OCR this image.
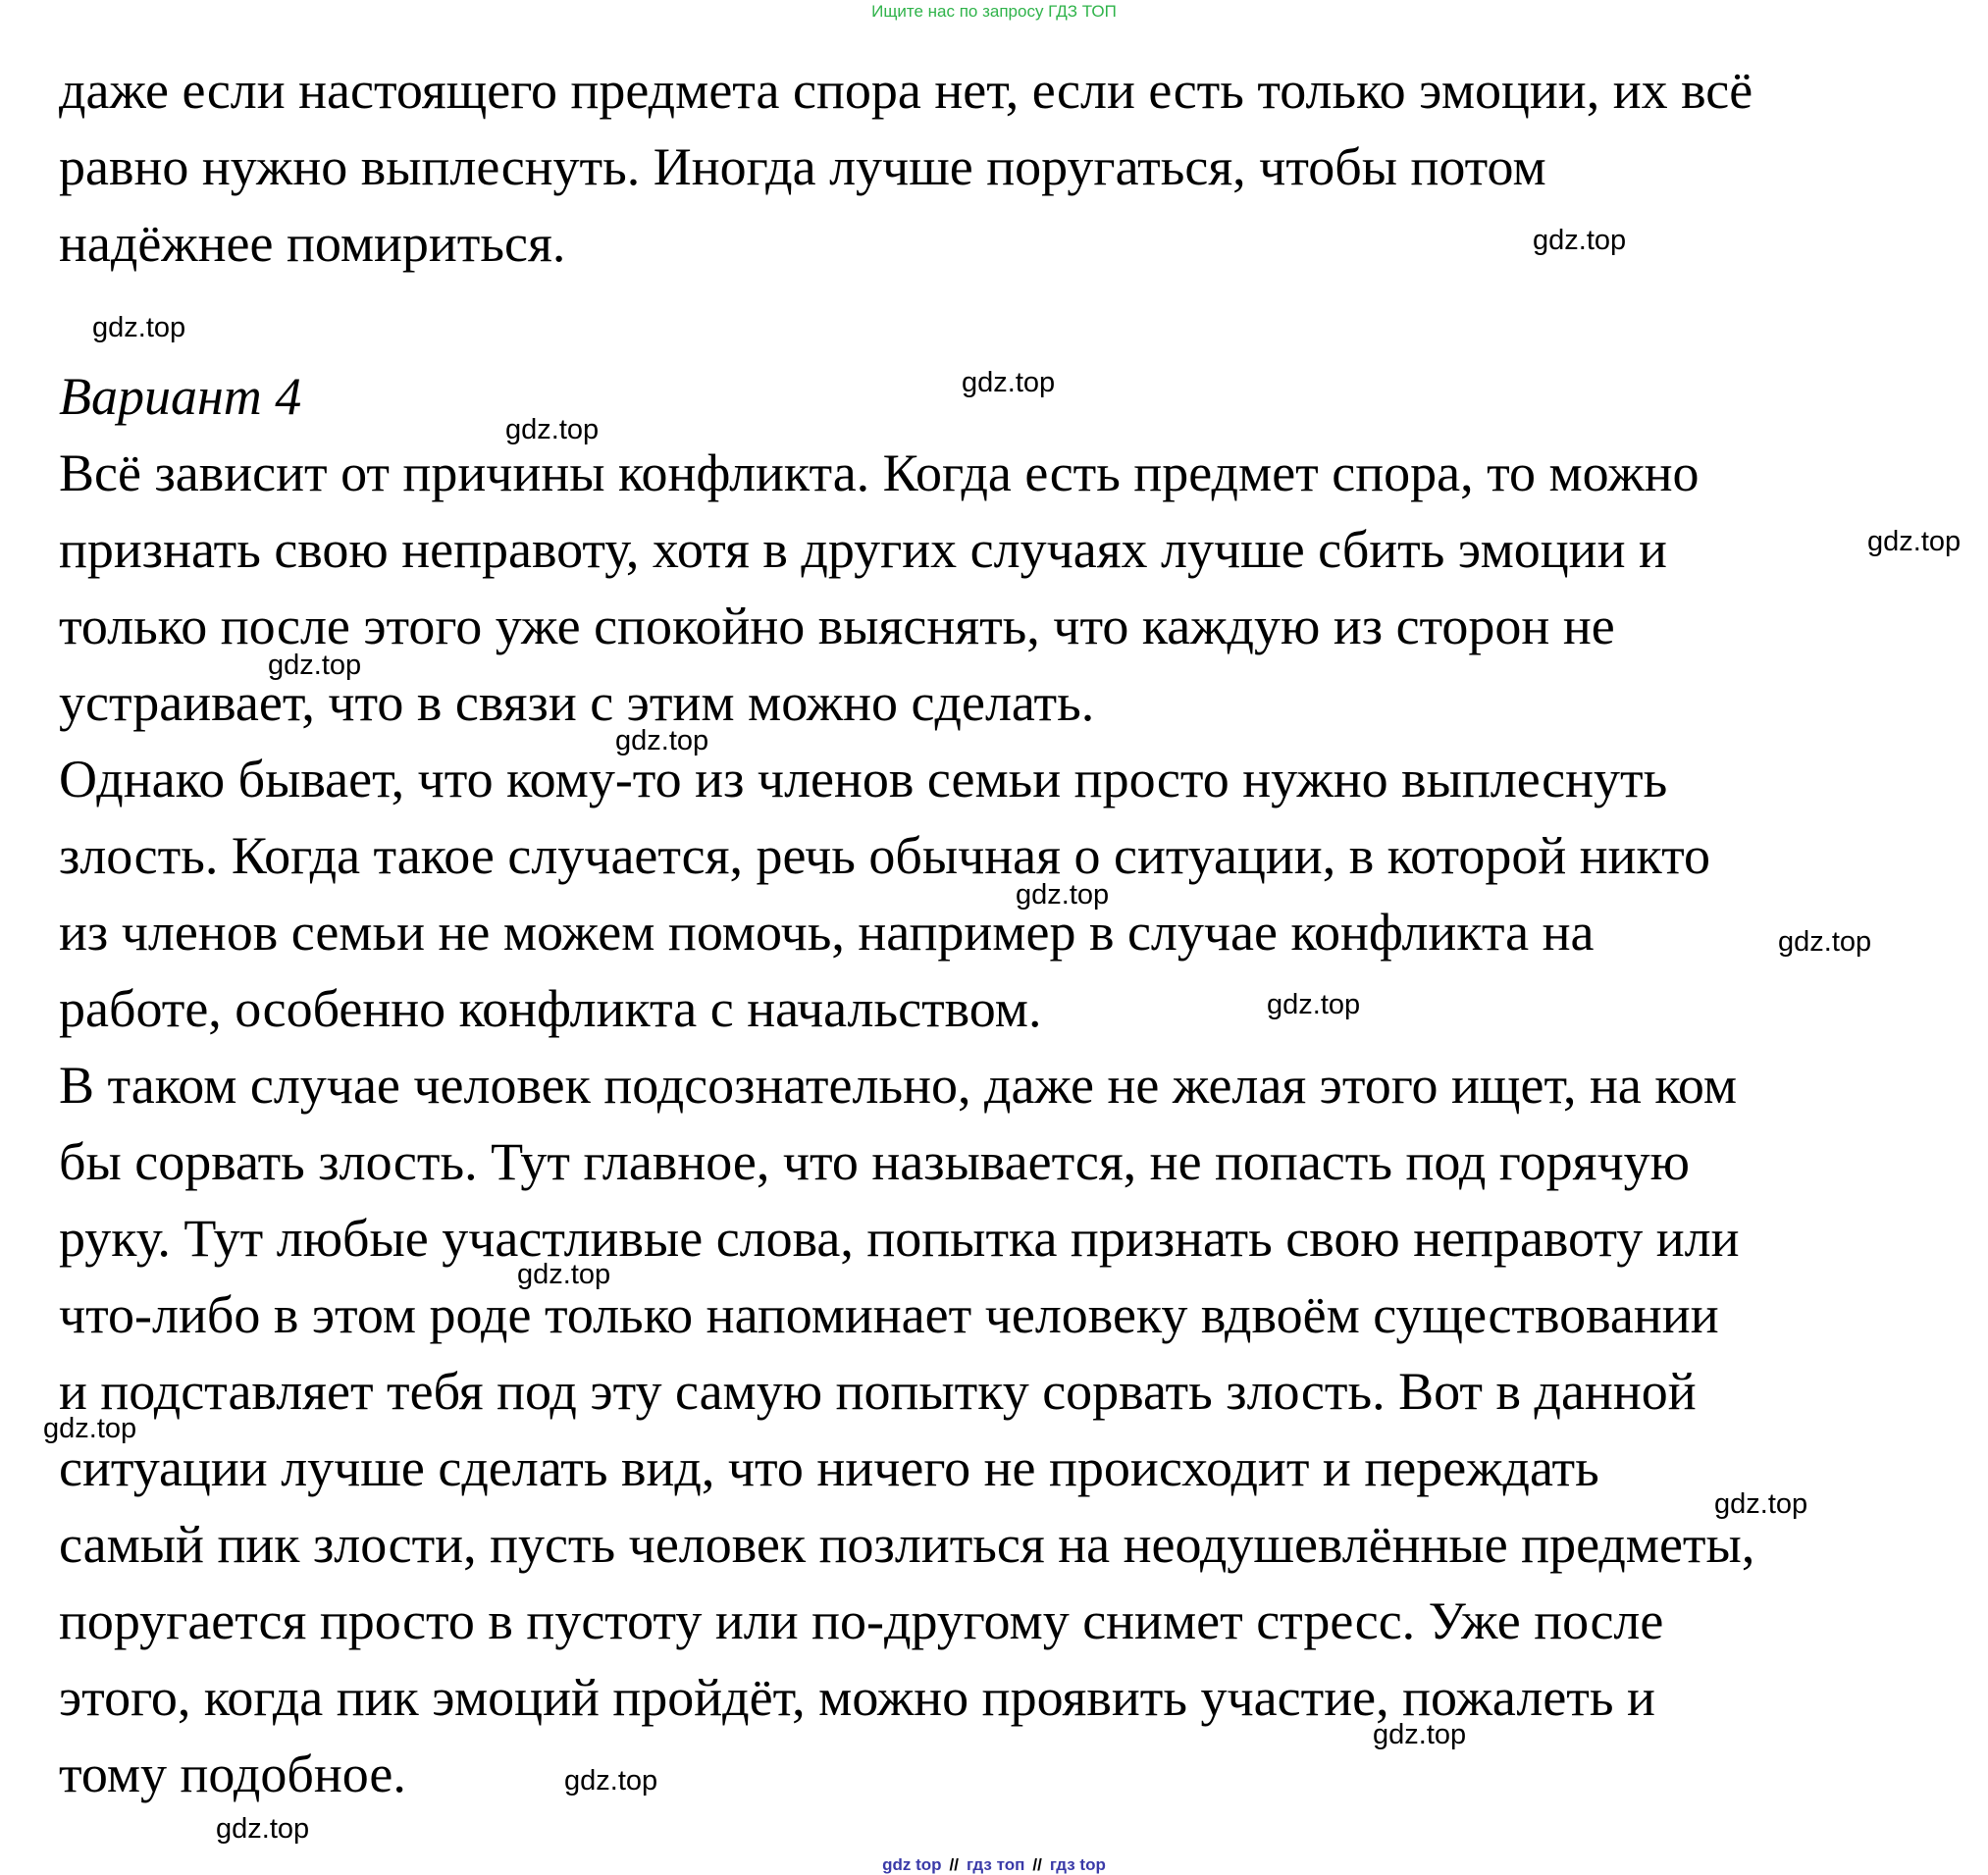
Ищите нас по запросу ГДЗ ТОП
даже если настоящего предмета спора нет, если есть только эмоции, их всё
равно нужно выплеснуть. Иногда лучше поругаться, чтобы потом
надёжнее помириться.
Вариант 4
Всё зависит от причины конфликта. Когда есть предмет спора, то можно
признать свою неправоту, хотя в других случаях лучше сбить эмоции и
только после этого уже спокойно выяснять, что каждую из сторон не
устраивает, что в связи с этим можно сделать.
Однако бывает, что кому-то из членов семьи просто нужно выплеснуть
злость. Когда такое случается, речь обычная о ситуации, в которой никто
из членов семьи не можем помочь, например в случае конфликта на
работе, особенно конфликта с начальством.
В таком случае человек подсознательно, даже не желая этого ищет, на ком
бы сорвать злость. Тут главное, что называется, не попасть под горячую
руку. Тут любые участливые слова, попытка признать свою неправоту или
что-либо в этом роде только напоминает человеку вдвоём существовании
и подставляет тебя под эту самую попытку сорвать злость. Вот в данной
ситуации лучше сделать вид, что ничего не происходит и переждать
самый пик злости, пусть человек позлиться на неодушевлённые предметы,
поругается просто в пустоту или по-другому снимет стресс. Уже после
этого, когда пик эмоций пройдёт, можно проявить участие, пожалеть и
тому подобное.
gdz.top
gdz.top
gdz.top
gdz.top
gdz.top
gdz.top
gdz.top
gdz.top
gdz.top
gdz.top
gdz.top
gdz.top
gdz.top
gdz.top
gdz.top
gdz.top
gdz top // гдз топ // гдз top
